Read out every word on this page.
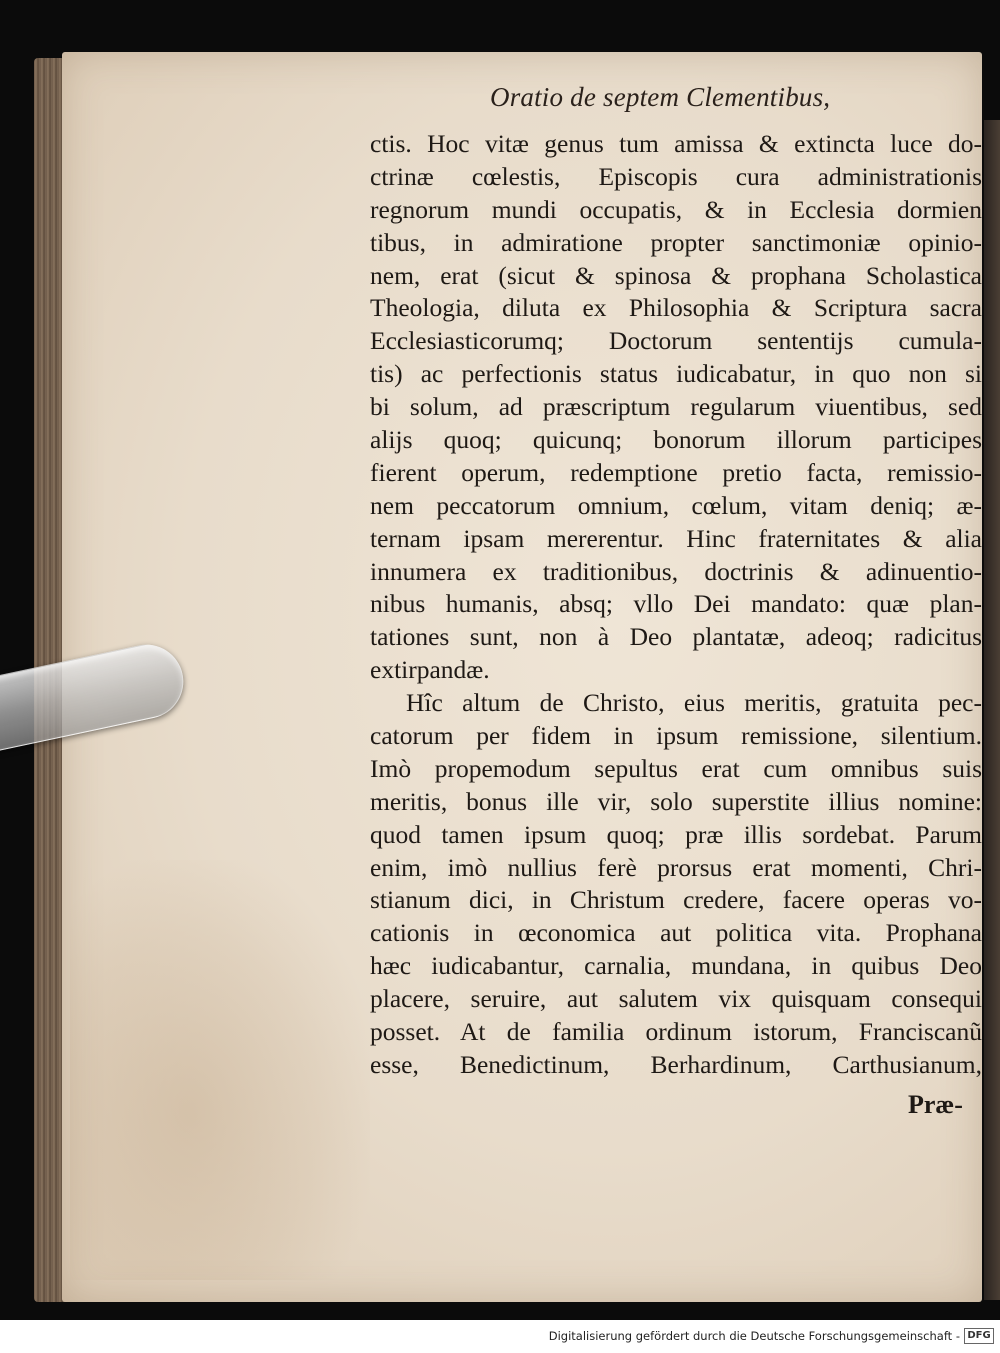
Oratio de septem Clementibus,
ctis. Hoc vitæ genus tum amissa & extincta luce do-
ctrinæ cœlestis, Episcopis cura administrationis
regnorum mundi occupatis, & in Ecclesia dormien
tibus, in admiratione propter sanctimoniæ opinio-
nem, erat (sicut & spinosa & prophana Scholastica
Theologia, diluta ex Philosophia & Scriptura sacra
Ecclesiasticorumq; Doctorum sententijs cumula-
tis) ac perfectionis status iudicabatur, in quo non si
bi solum, ad præscriptum regularum viuentibus, sed
alijs quoq; quicunq; bonorum illorum participes
fierent operum, redemptione pretio facta, remissio-
nem peccatorum omnium, cœlum, vitam deniq; æ-
ternam ipsam mererentur. Hinc fraternitates & alia
innumera ex traditionibus, doctrinis & adinuentio-
nibus humanis, absq; vllo Dei mandato: quæ plan-
tationes sunt, non à Deo plantatæ, adeoq; radicitus
extirpandæ.
Hîc altum de Christo, eius meritis, gratuita pec-
catorum per fidem in ipsum remissione, silentium.
Imò propemodum sepultus erat cum omnibus suis
meritis, bonus ille vir, solo superstite illius nomine:
quod tamen ipsum quoq; præ illis sordebat. Parum
enim, imò nullius ferè prorsus erat momenti, Chri-
stianum dici, in Christum credere, facere operas vo-
cationis in œconomica aut politica vita. Prophana
hæc iudicabantur, carnalia, mundana, in quibus Deo
placere, seruire, aut salutem vix quisquam consequi
posset. At de familia ordinum istorum, Franciscanũ
esse, Benedictinum, Berhardinum, Carthusianum,
Præ-
Digitalisierung gefördert durch die Deutsche Forschungsgemeinschaft - DFG
